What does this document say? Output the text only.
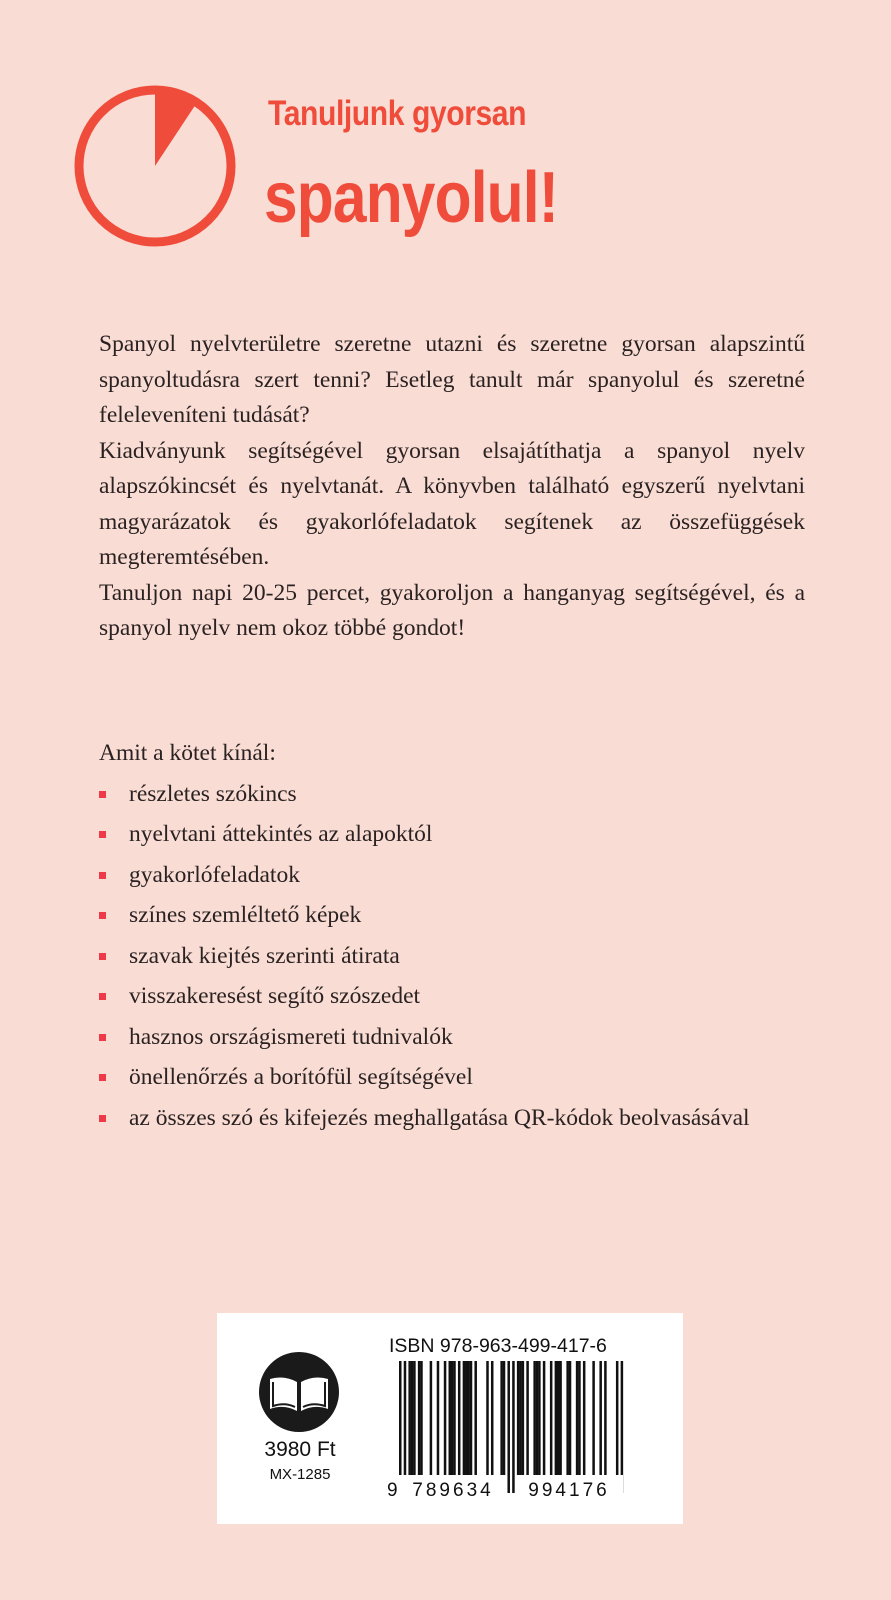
Tanuljunk gyorsan
spanyolul!

Spanyol nyelvterületre szeretne utazni és szeretne gyorsan alapszintű spanyoltudásra szert tenni? Esetleg tanult már spanyolul és szeretné feleleveníteni tudását?

Kiadványunk segítségével gyorsan elsajátíthatja a spanyol nyelv alapszókincsét és nyelvtanát. A könyvben található egyszerű nyelvtani magyarázatok és gyakorlófeladatok segítenek az összefüggések megteremtésében.

Tanuljon napi 20-25 percet, gyakoroljon a hanganyag segítségével, és a spanyol nyelv nem okoz többé gondot!

Amit a kötet kínál:
részletes szókincs
nyelvtani áttekintés az alapoktól
gyakorlófeladatok
színes szemléltető képek
szavak kiejtés szerinti átirata
visszakeresést segítő szószedet
hasznos országismereti tudnivalók
önellenőrzés a borítófül segítségével
az összes szó és kifejezés meghallgatása QR-kódok beolvasásával
3980 Ft
MX-1285
ISBN 978-963-499-417-6
9 789634 994176
